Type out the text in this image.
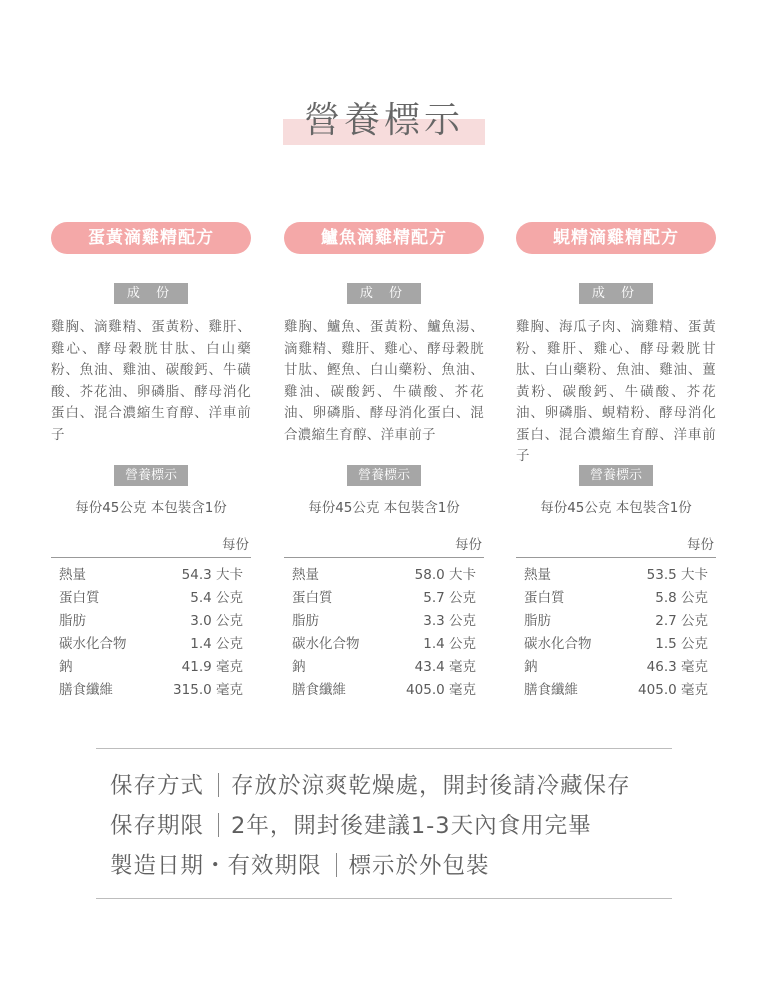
營養標示
蛋黃滴雞精配方
成 份

雞胸、滴雞精、蛋黃粉、雞肝、雞心、酵母穀胱甘肽、白山藥粉、魚油、雞油、碳酸鈣、牛磺酸、芥花油、卵磷脂、酵母消化蛋白、混合濃縮生育醇、洋車前子

營養標示
每份45公克 本包裝含1份
每份
熱量	54.3 大卡
蛋白質	5.4 公克
脂肪	3.0 公克
碳水化合物	1.4 公克
鈉	41.9 毫克
膳食纖維	315.0 毫克
鱸魚滴雞精配方
成 份

雞胸、鱸魚、蛋黃粉、鱸魚湯、滴雞精、雞肝、雞心、酵母穀胱甘肽、鰹魚、白山藥粉、魚油、雞油、碳酸鈣、牛磺酸、芥花油、卵磷脂、酵母消化蛋白、混合濃縮生育醇、洋車前子

營養標示
每份45公克 本包裝含1份
每份
熱量	58.0 大卡
蛋白質	5.7 公克
脂肪	3.3 公克
碳水化合物	1.4 公克
鈉	43.4 毫克
膳食纖維	405.0 毫克
蜆精滴雞精配方
成 份

雞胸、海瓜子肉、滴雞精、蛋黃粉、雞肝、雞心、酵母穀胱甘肽、白山藥粉、魚油、雞油、薑黃粉、碳酸鈣、牛磺酸、芥花油、卵磷脂、蜆精粉、酵母消化蛋白、混合濃縮生育醇、洋車前子

營養標示
每份45公克 本包裝含1份
每份
熱量	53.5 大卡
蛋白質	5.8 公克
脂肪	2.7 公克
碳水化合物	1.5 公克
鈉	46.3 毫克
膳食纖維	405.0 毫克
保存方式 存放於涼爽乾燥處，開封後請冷藏保存
保存期限 2年，開封後建議1-3天內食用完畢
製造日期・有效期限 標示於外包裝
